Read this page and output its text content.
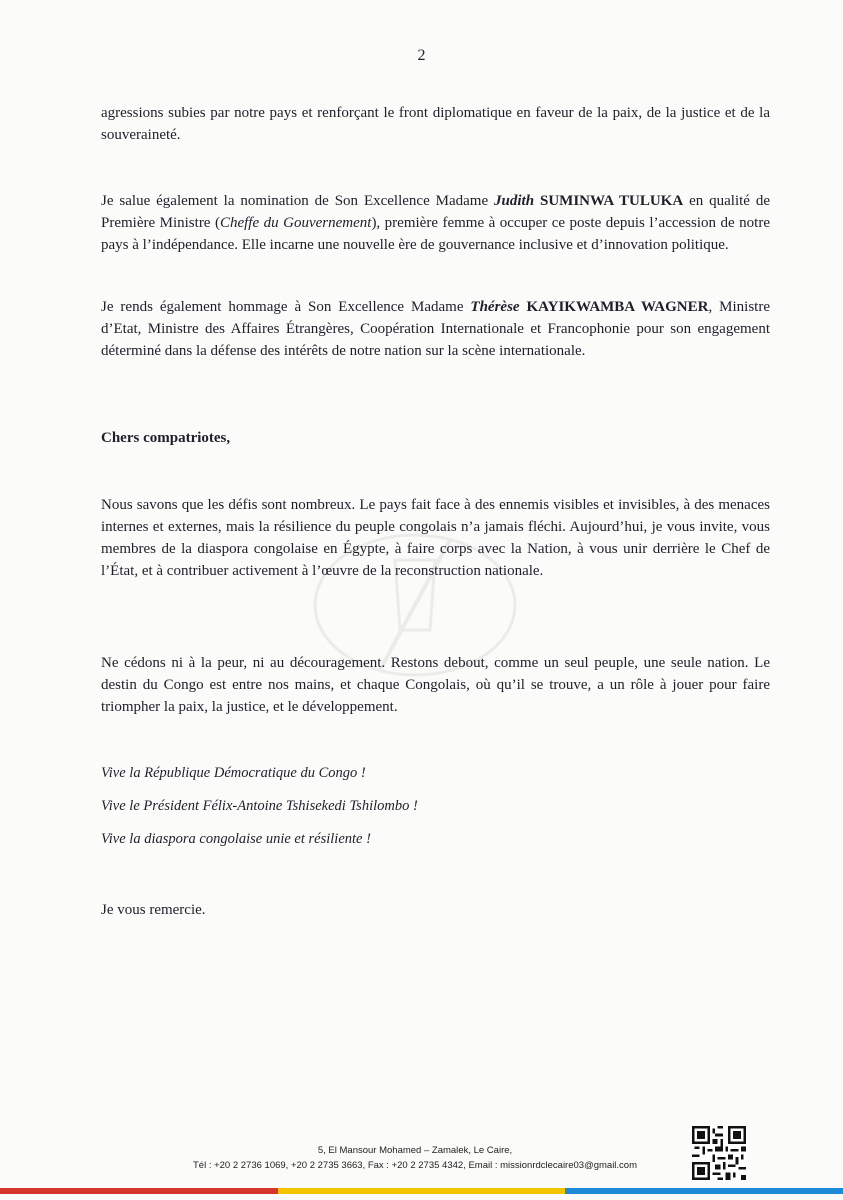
2

agressions subies par notre pays et renforçant le front diplomatique en faveur de la paix, de la justice et de la souveraineté.

Je salue également la nomination de Son Excellence Madame Judith SUMINWA TULUKA en qualité de Première Ministre (Cheffe du Gouvernement), première femme à occuper ce poste depuis l’accession de notre pays à l’indépendance. Elle incarne une nouvelle ère de gouvernance inclusive et d’innovation politique.

Je rends également hommage à Son Excellence Madame Thérèse KAYIKWAMBA WAGNER, Ministre d’Etat, Ministre des Affaires Étrangères, Coopération Internationale et Francophonie pour son engagement déterminé dans la défense des intérêts de notre nation sur la scène internationale.

Chers compatriotes,

Nous savons que les défis sont nombreux. Le pays fait face à des ennemis visibles et invisibles, à des menaces internes et externes, mais la résilience du peuple congolais n’a jamais fléchi. Aujourd’hui, je vous invite, vous membres de la diaspora congolaise en Égypte, à faire corps avec la Nation, à vous unir derrière le Chef de l’État, et à contribuer activement à l’œuvre de la reconstruction nationale.

Ne cédons ni à la peur, ni au découragement. Restons debout, comme un seul peuple, une seule nation. Le destin du Congo est entre nos mains, et chaque Congolais, où qu’il se trouve, a un rôle à jouer pour faire triompher la paix, la justice, et le développement.

Vive la République Démocratique du Congo !

Vive le Président Félix-Antoine Tshisekedi Tshilombo !

Vive la diaspora congolaise unie et résiliente !

Je vous remercie.

5, El Mansour Mohamed – Zamalek, Le Caire,
Tél : +20 2 2736 1069, +20 2 2735 3663, Fax : +20 2 2735 4342, Email : missionrdclecaire03@gmail.com
